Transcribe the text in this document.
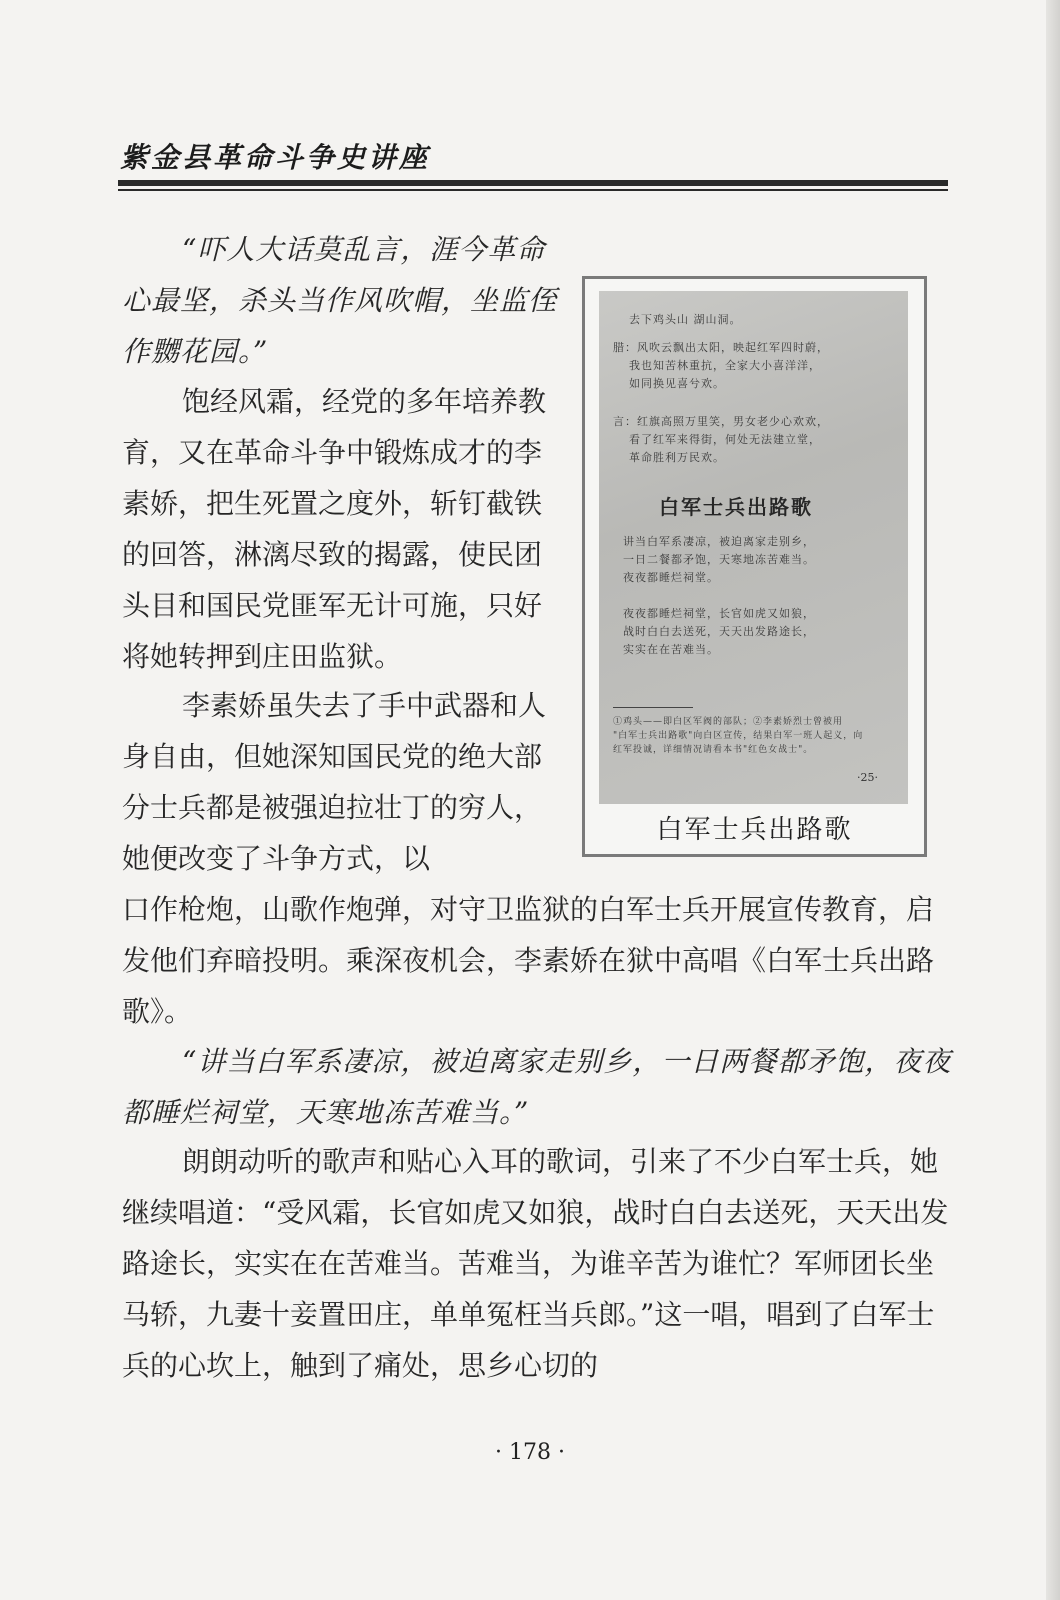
紫金县革命斗争史讲座

“吓人大话莫乱言，涯今革命心最坚，杀头当作风吹帽，坐监侄作嬲花园。”

饱经风霜，经党的多年培养教育，又在革命斗争中锻炼成才的李素娇，把生死置之度外，斩钉截铁的回答，淋漓尽致的揭露，使民团头目和国民党匪军无计可施，只好将她转押到庄田监狱。

李素娇虽失去了手中武器和人身自由，但她深知国民党的绝大部分士兵都是被强迫拉壮丁的穷人，她便改变了斗争方式，以

口作枪炮，山歌作炮弹，对守卫监狱的白军士兵开展宣传教育，启发他们弃暗投明。乘深夜机会，李素娇在狱中高唱《白军士兵出路歌》。

“讲当白军系凄凉，被迫离家走别乡，一日两餐都矛饱，夜夜都睡烂祠堂，天寒地冻苦难当。”

朗朗动听的歌声和贴心入耳的歌词，引来了不少白军士兵，她继续唱道：“受风霜，长官如虎又如狼，战时白白去送死，天天出发路途长，实实在在苦难当。苦难当，为谁辛苦为谁忙？军师团长坐马轿，九妻十妾置田庄，单单冤枉当兵郎。”这一唱，唱到了白军士兵的心坎上，触到了痛处，思乡心切的

去下鸡头山 湖山洞。

腊：风吹云飘出太阳，映起红军四时蔚，

我也知苦林重抗，全家大小喜洋洋，

如同换见喜兮欢。

言：红旗高照万里笑，男女老少心欢欢，

看了红军来得街，何处无法建立堂，

革命胜利万民欢。

白军士兵出路歌

讲当白军系凄凉，被迫离家走别乡，

一日二餐都矛饱，天寒地冻苦难当。

夜夜都睡烂祠堂。

夜夜都睡烂祠堂，长官如虎又如狼，

战时白白去送死，天天出发路途长，

实实在在苦难当。

①鸡头——即白区军阀的部队；②李素娇烈士曾被用

"白军士兵出路歌"向白区宣传，结果白军一班人起义，向

红军投诚，详细情况请看本书"红色女战士"。

·25·
白军士兵出路歌
· 178 ·
